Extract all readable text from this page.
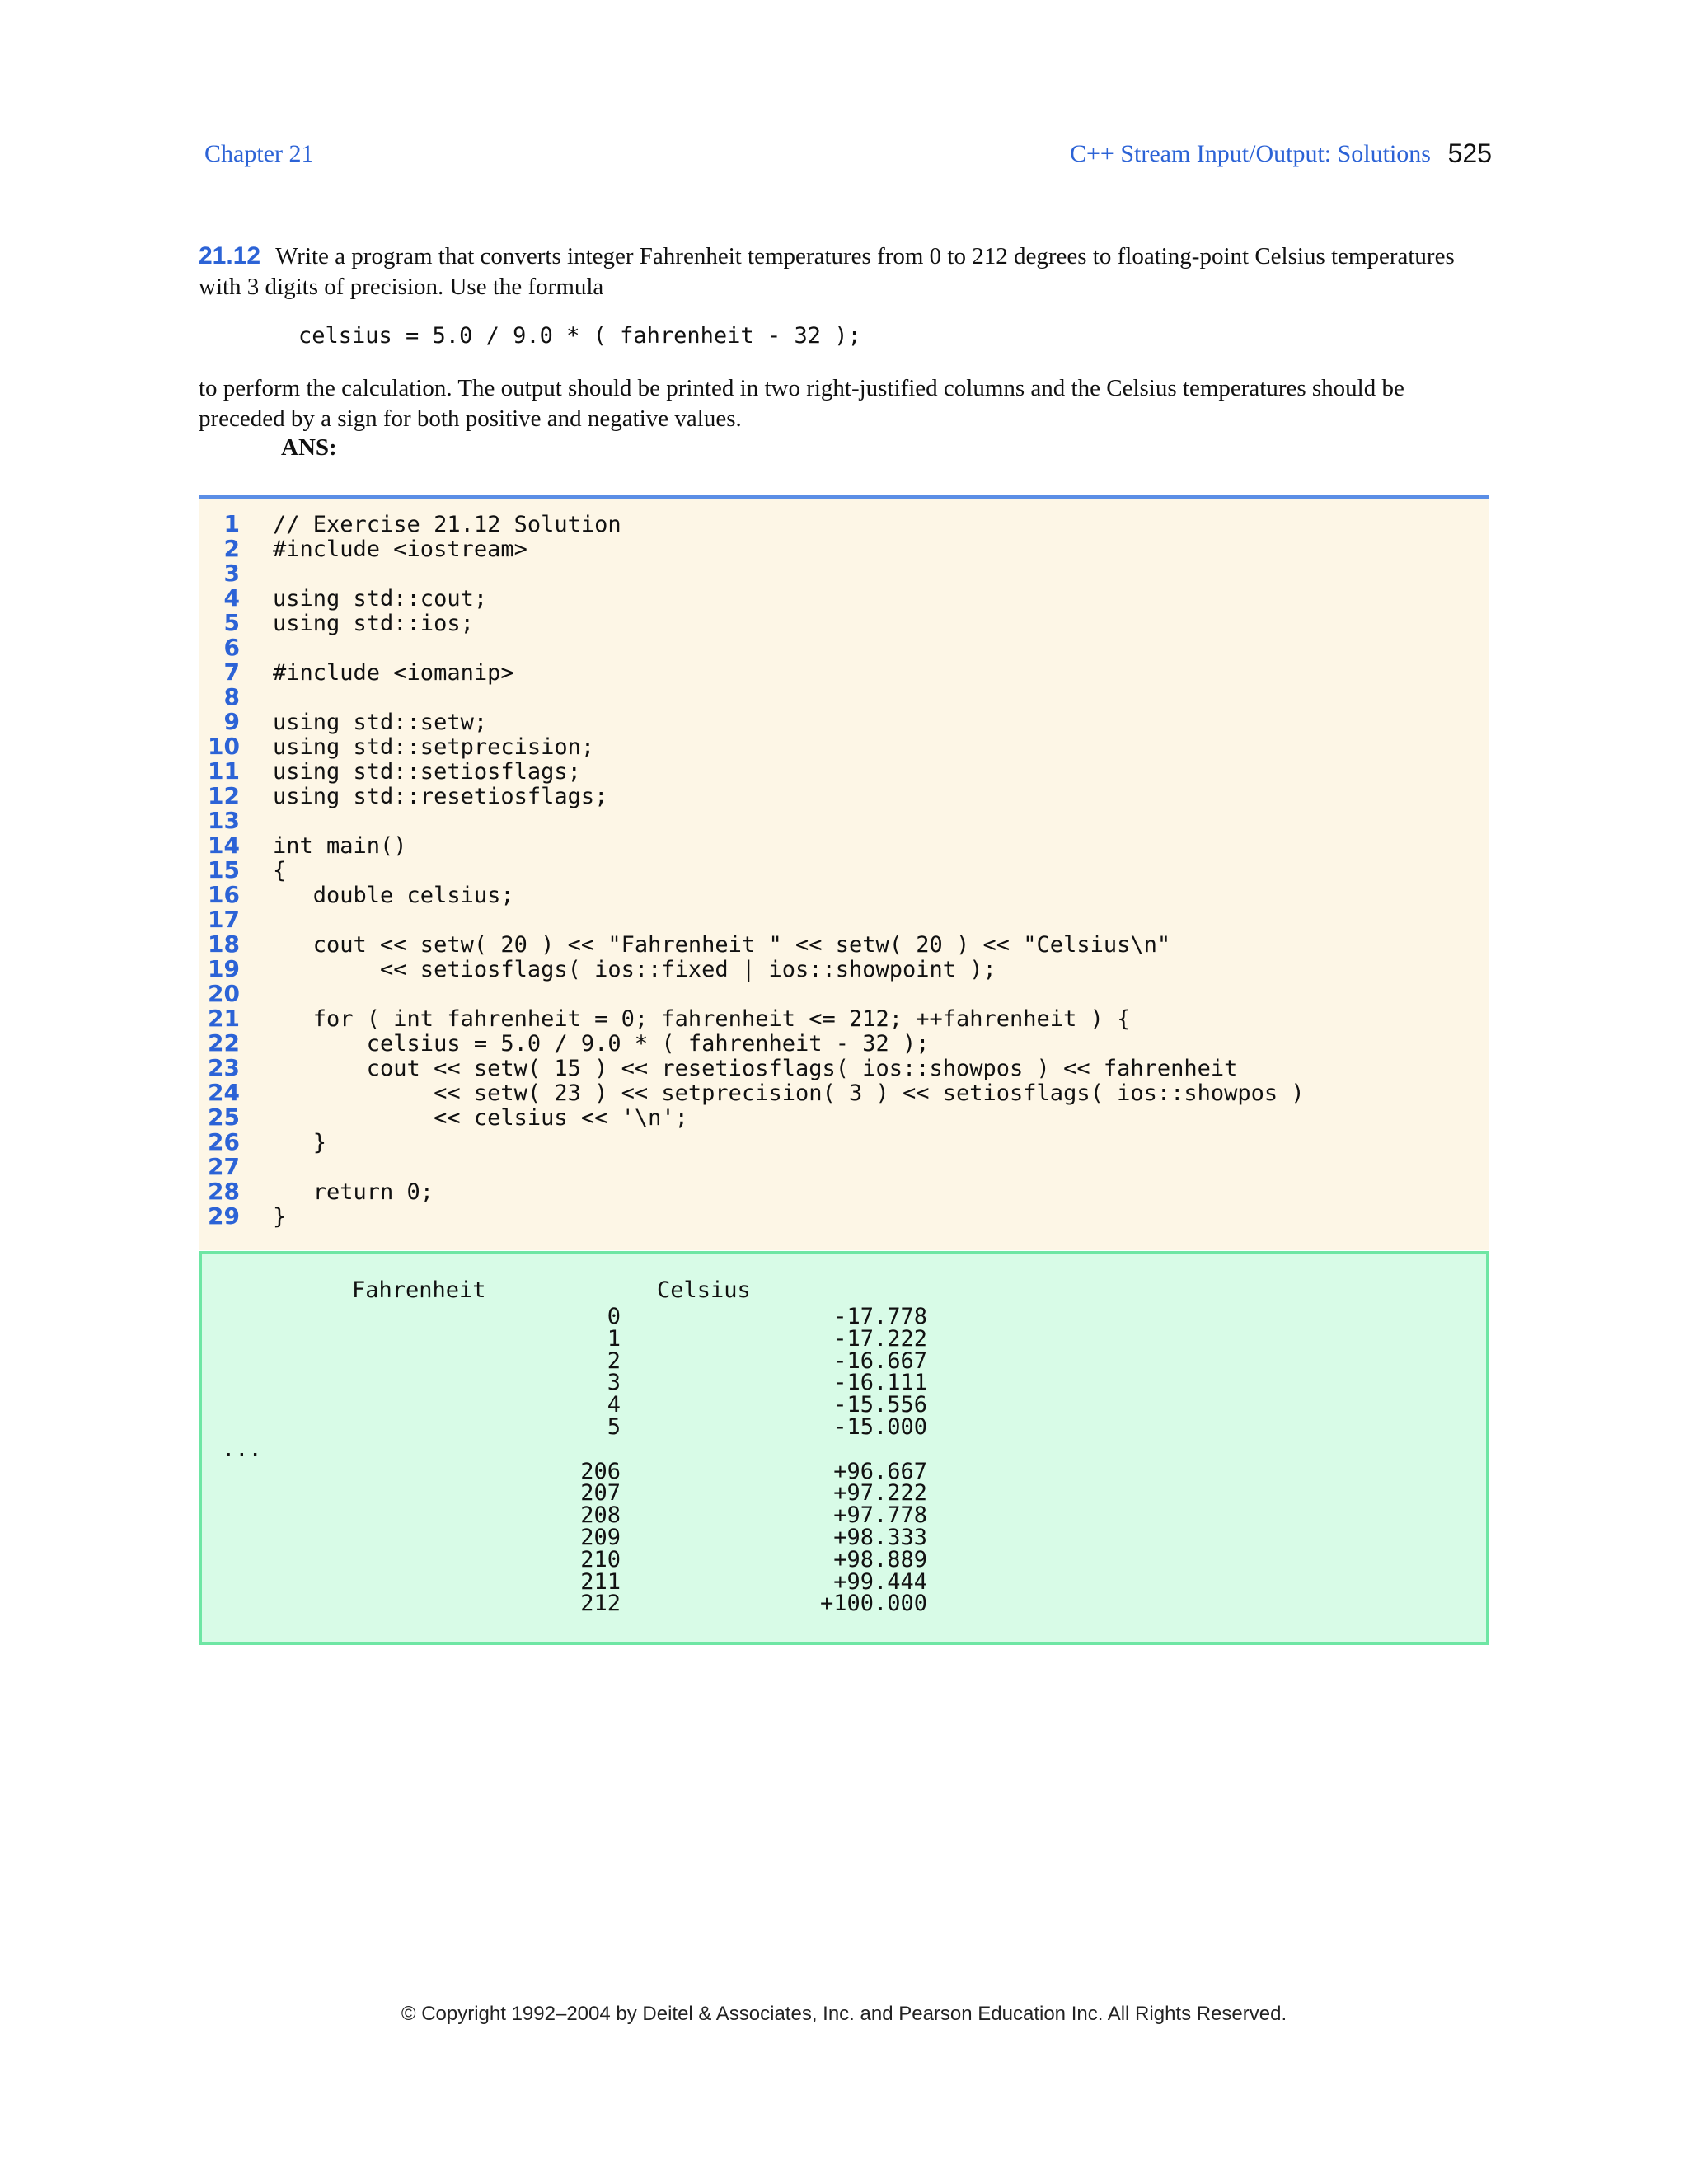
Chapter 21	C++ Stream Input/Output: Solutions 525
21.12 Write a program that converts integer Fahrenheit temperatures from 0 to 212 degrees to floating-point Celsius temperatures with 3 digits of precision. Use the formula
celsius = 5.0 / 9.0 * ( fahrenheit - 32 );
to perform the calculation. The output should be printed in two right-justified columns and the Celsius temperatures should be preceded by a sign for both positive and negative values.
ANS:
1 // Exercise 21.12 Solution
2 #include <iostream>
3
4 using std::cout;
5 using std::ios;
6
7 #include <iomanip>
8
9 using std::setw;
10 using std::setprecision;
11 using std::setiosflags;
12 using std::resetiosflags;
13
14 int main()
15 {
16   double celsius;
17
18   cout << setw( 20 ) << "Fahrenheit " << setw( 20 ) << "Celsius\n"
19        << setiosflags( ios::fixed | ios::showpoint );
20
21   for ( int fahrenheit = 0; fahrenheit <= 212; ++fahrenheit ) {
22       celsius = 5.0 / 9.0 * ( fahrenheit - 32 );
23       cout << setw( 15 ) << resetiosflags( ios::showpos ) << fahrenheit
24            << setw( 23 ) << setprecision( 3 ) << setiosflags( ios::showpos )
25            << celsius << '\n';
26   }
27
28   return 0;
29 }
Fahrenheit	Celsius
0	-17.778
1	-17.222
2	-16.667
3	-16.111
4	-15.556
5	-15.000
...
206	+96.667
207	+97.222
208	+97.778
209	+98.333
210	+98.889
211	+99.444
212	+100.000
© Copyright 1992–2004 by Deitel & Associates, Inc. and Pearson Education Inc. All Rights Reserved.
